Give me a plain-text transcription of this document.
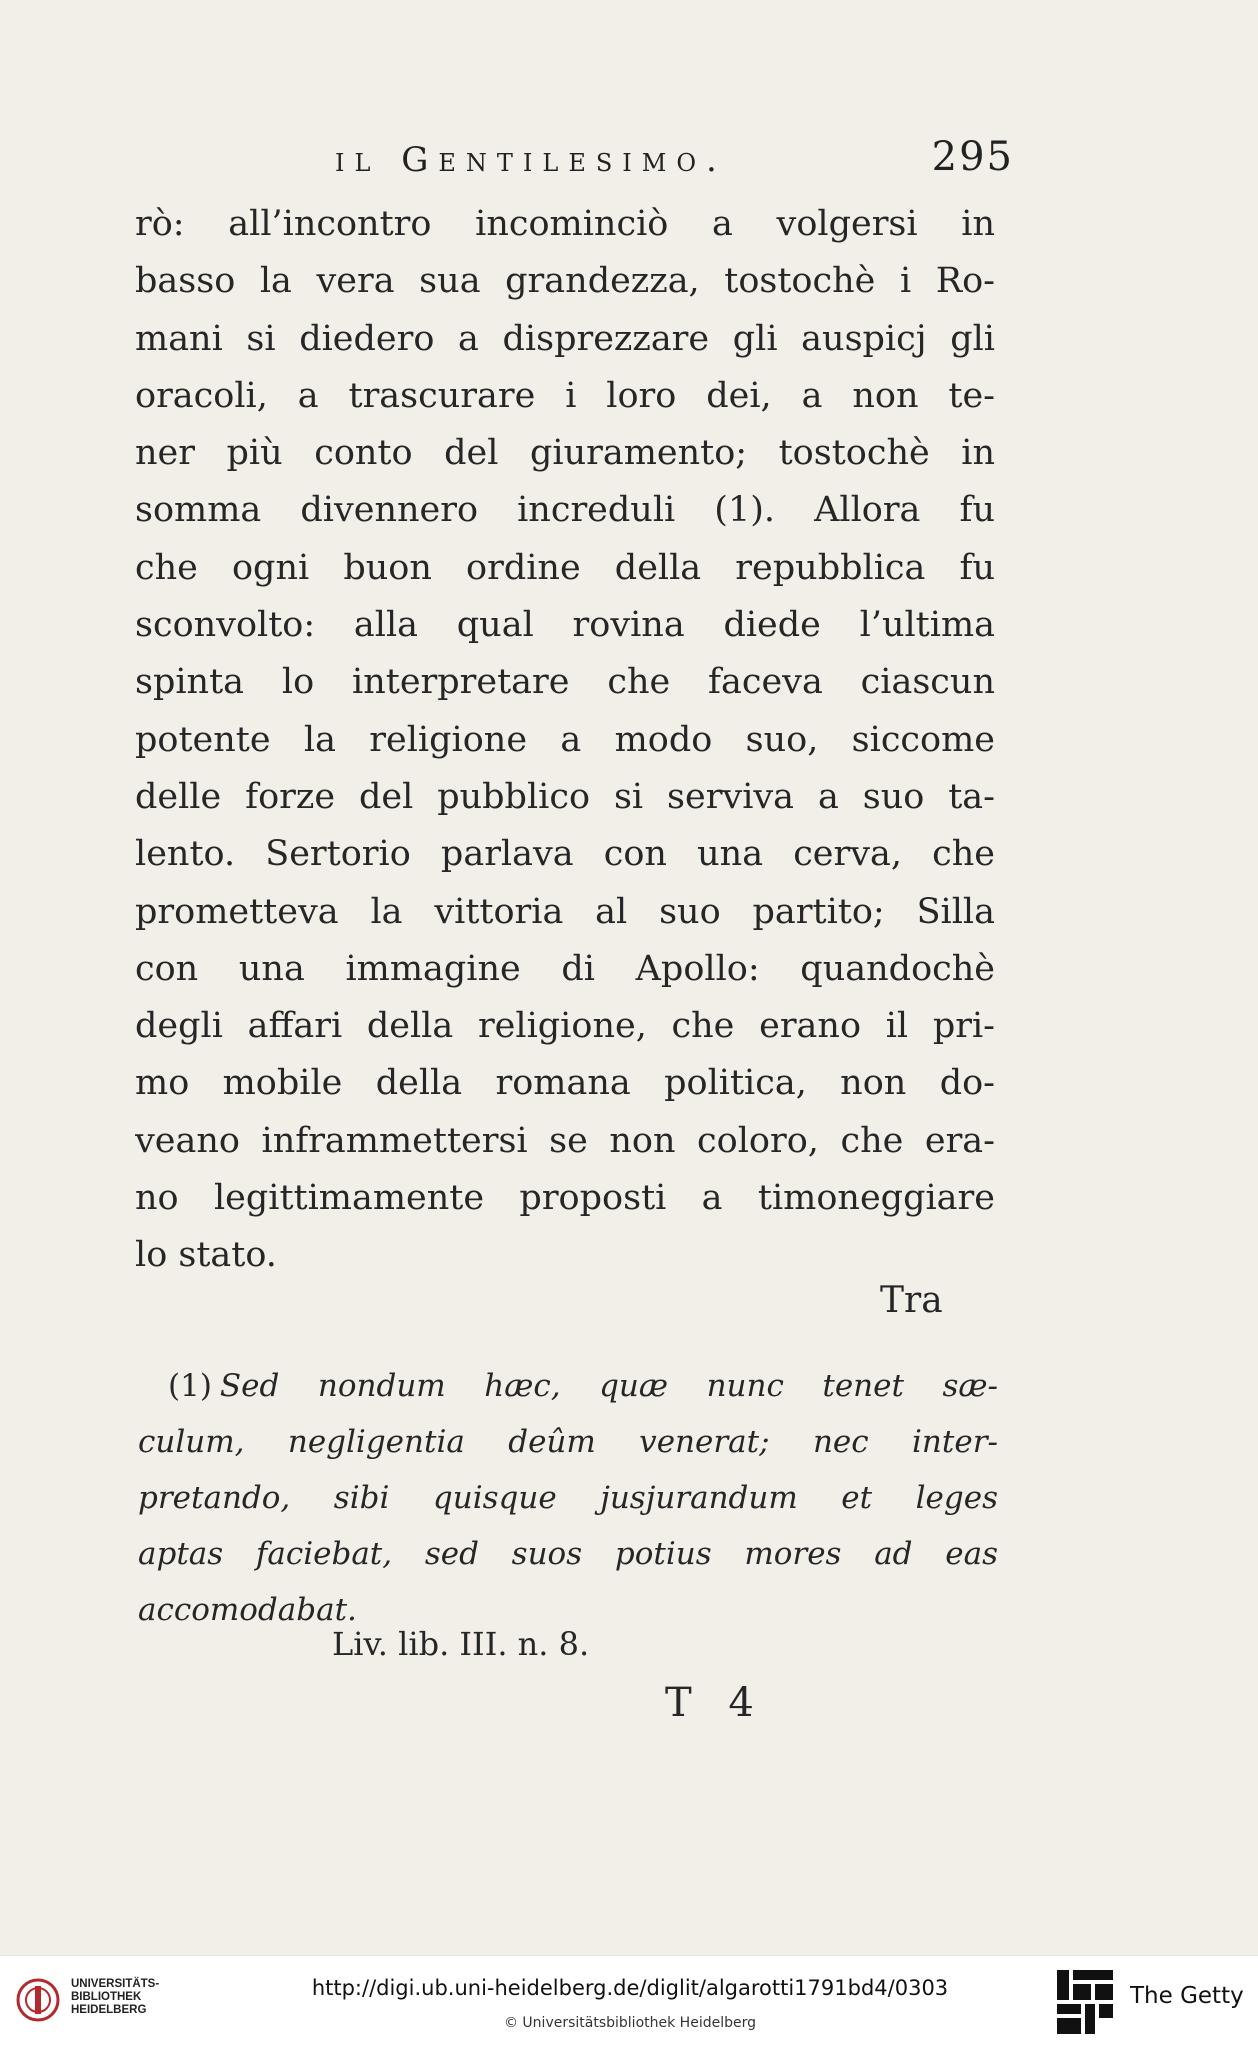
il Gentilesimo.	295
rò: all’incontro incominciò a volgersi in
basso la vera sua grandezza, tostochè i Ro-
mani si diedero a disprezzare gli auspicj gli
oracoli, a trascurare i loro dei, a non te-
ner più conto del giuramento; tostochè in
somma divennero increduli (1). Allora fu
che ogni buon ordine della repubblica fu
sconvolto: alla qual rovina diede l’ultima
spinta lo interpretare che faceva ciascun
potente la religione a modo suo, siccome
delle forze del pubblico si serviva a suo ta-
lento. Sertorio parlava con una cerva, che
prometteva la vittoria al suo partito; Silla
con una immagine di Apollo: quandochè
degli affari della religione, che erano il pri-
mo mobile della romana politica, non do-
veano inframmettersi se non coloro, che era-
no legittimamente proposti a timoneggiare
lo stato.
Tra
(1) Sed nondum hæc, quæ nunc tenet sæ-
culum, negligentia deûm venerat; nec inter-
pretando, sibi quisque jusjurandum et leges
aptas faciebat, sed suos potius mores ad eas
accomodabat.
Liv. lib. III. n. 8.
T 4
UNIVERSITÄTS-
BIBLIOTHEK
HEIDELBERG
http://digi.ub.uni-heidelberg.de/diglit/algarotti1791bd4/0303
© Universitätsbibliothek Heidelberg
The Getty
